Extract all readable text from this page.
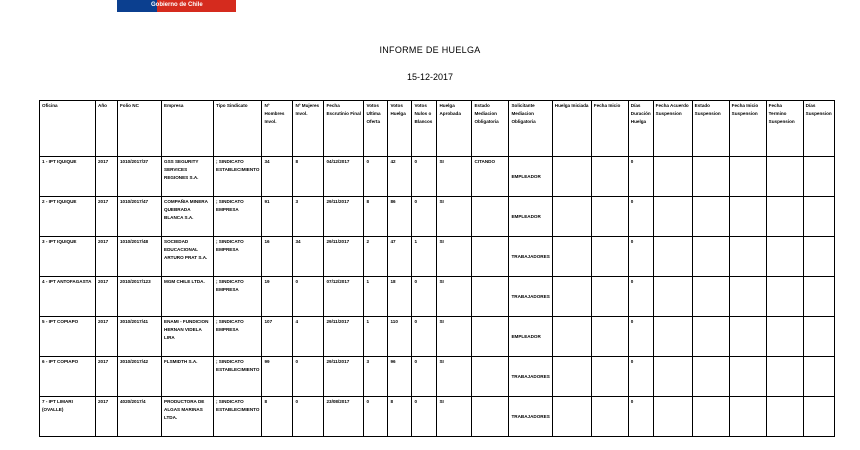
Gobierno de Chile
INFORME DE HUELGA
15-12-2017
Oficina	Año	Folio NC	Empresa	Tipo Sindicato	Nº Hombres Invol.	Nº Mujeres Invol.	Fecha Escrutinio Final	Votos Ultima Oferta	Votos Huelga	Votos Nulos o Blancos	Huelga Aprobada	Estado Mediacion Obligatoria	Solicitante Mediacion Obligatoria	Huelga Iniciada	Fecha Inicio	Días Duración Huelga	Fecha Acuerdo Suspension	Estado Suspension	Fecha Inicio Suspension	Fecha Termino Suspension	Días Suspension
1 - IPT IQUIQUE	2017	1010/2017/37	GSS SEGURITY SERVICES REGIONES S.A.	; SINDICATO ESTABLECIMIENTO	34	8	04/12/2017	0	42	0	SI	CITANDO	EMPLEADOR			0					
2 - IPT IQUIQUE	2017	1010/2017/47	COMPAÑIA MINERA QUEBRADA BLANCA S.A.	; SINDICATO EMPRESA	91	3	29/11/2017	8	86	0	SI		EMPLEADOR			0					
3 - IPT IQUIQUE	2017	1010/2017/48	SOCIEDAD EDUCACIONAL ARTURO PRAT S.A.	; SINDICATO EMPRESA	16	34	29/11/2017	2	47	1	SI		TRABAJADORES			0					
4 - IPT ANTOFAGASTA	2017	2010/2017/123	MGM CHILE LTDA.	; SINDICATO EMPRESA	19	0	07/12/2017	1	18	0	SI		TRABAJADORES			0					
5 - IPT COPIAPO	2017	3010/2017/41	ENAMI - FUNDICION HERNAN VIDELA LIRA	; SINDICATO EMPRESA	107	4	29/11/2017	1	110	0	SI		EMPLEADOR			0					
6 - IPT COPIAPO	2017	3010/2017/42	FLSMIDTH S.A.	; SINDICATO ESTABLECIMIENTO	99	0	29/11/2017	3	96	0	SI		TRABAJADORES			0					
7 - IPT LIMARI (OVALLE)	2017	4020/2017/4	PRODUCTORA DE ALGAS MARINAS LTDA.	; SINDICATO ESTABLECIMIENTO	8	0	23/08/2017	0	8	0	SI		TRABAJADORES			0					
